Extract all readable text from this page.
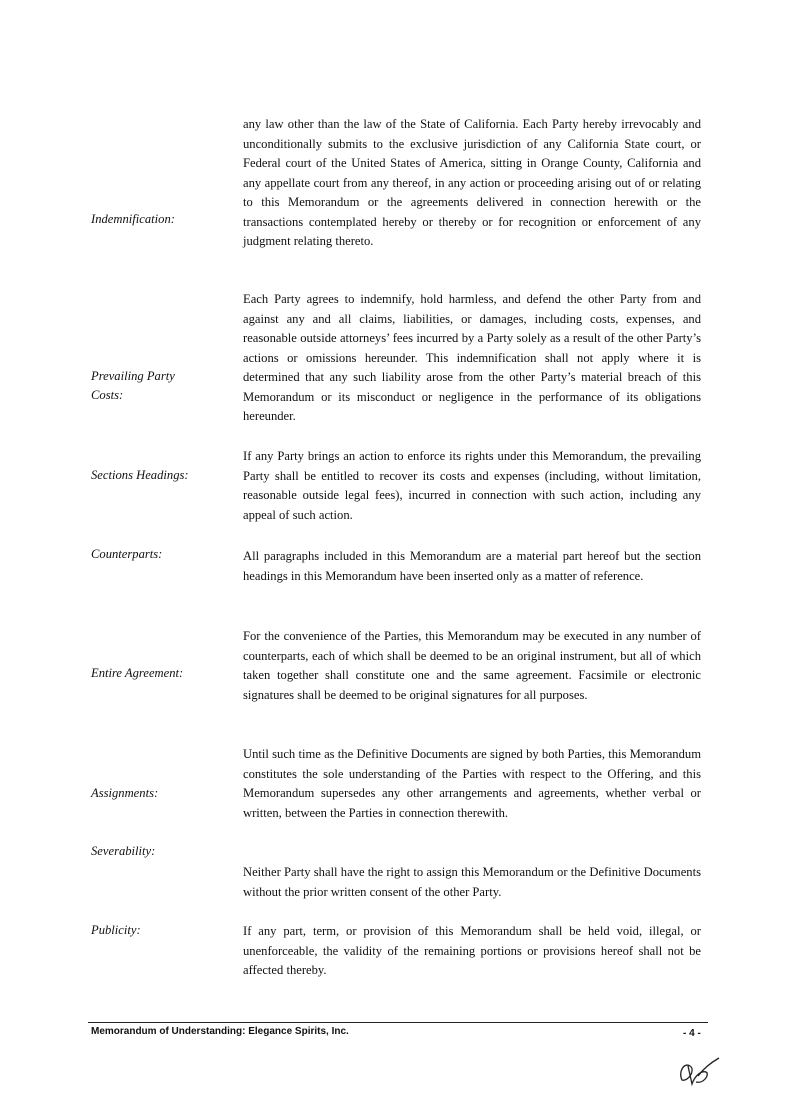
any law other than the law of the State of California. Each Party hereby irrevocably and unconditionally submits to the exclusive jurisdiction of any California State court, or Federal court of the United States of America, sitting in Orange County, California and any appellate court from any thereof, in any action or proceeding arising out of or relating to this Memorandum or the agreements delivered in connection herewith or the transactions contemplated hereby or thereby or for recognition or enforcement of any judgment relating thereto.

Each Party agrees to indemnify, hold harmless, and defend the other Party from and against any and all claims, liabilities, or damages, including costs, expenses, and reasonable outside attorneys’ fees incurred by a Party solely as a result of the other Party’s actions or omissions hereunder. This indemnification shall not apply where it is determined that any such liability arose from the other Party’s material breach of this Memorandum or its misconduct or negligence in the performance of its obligations hereunder.

If any Party brings an action to enforce its rights under this Memorandum, the prevailing Party shall be entitled to recover its costs and expenses (including, without limitation, reasonable outside legal fees), incurred in connection with such action, including any appeal of such action.

All paragraphs included in this Memorandum are a material part hereof but the section headings in this Memorandum have been inserted only as a matter of reference.

For the convenience of the Parties, this Memorandum may be executed in any number of counterparts, each of which shall be deemed to be an original instrument, but all of which taken together shall constitute one and the same agreement. Facsimile or electronic signatures shall be deemed to be original signatures for all purposes.

Until such time as the Definitive Documents are signed by both Parties, this Memorandum constitutes the sole understanding of the Parties with respect to the Offering, and this Memorandum supersedes any other arrangements and agreements, whether verbal or written, between the Parties in connection therewith.

Neither Party shall have the right to assign this Memorandum or the Definitive Documents without the prior written consent of the other Party.

If any part, term, or provision of this Memorandum shall be held void, illegal, or unenforceable, the validity of the remaining portions or provisions hereof shall not be affected thereby.

Indemnification:

Prevailing Party

Costs:

Sections Headings:

Counterparts:

Entire Agreement:

Assignments:

Severability:

Publicity:

Memorandum of Understanding: Elegance Spirits, Inc.	- 4 -
